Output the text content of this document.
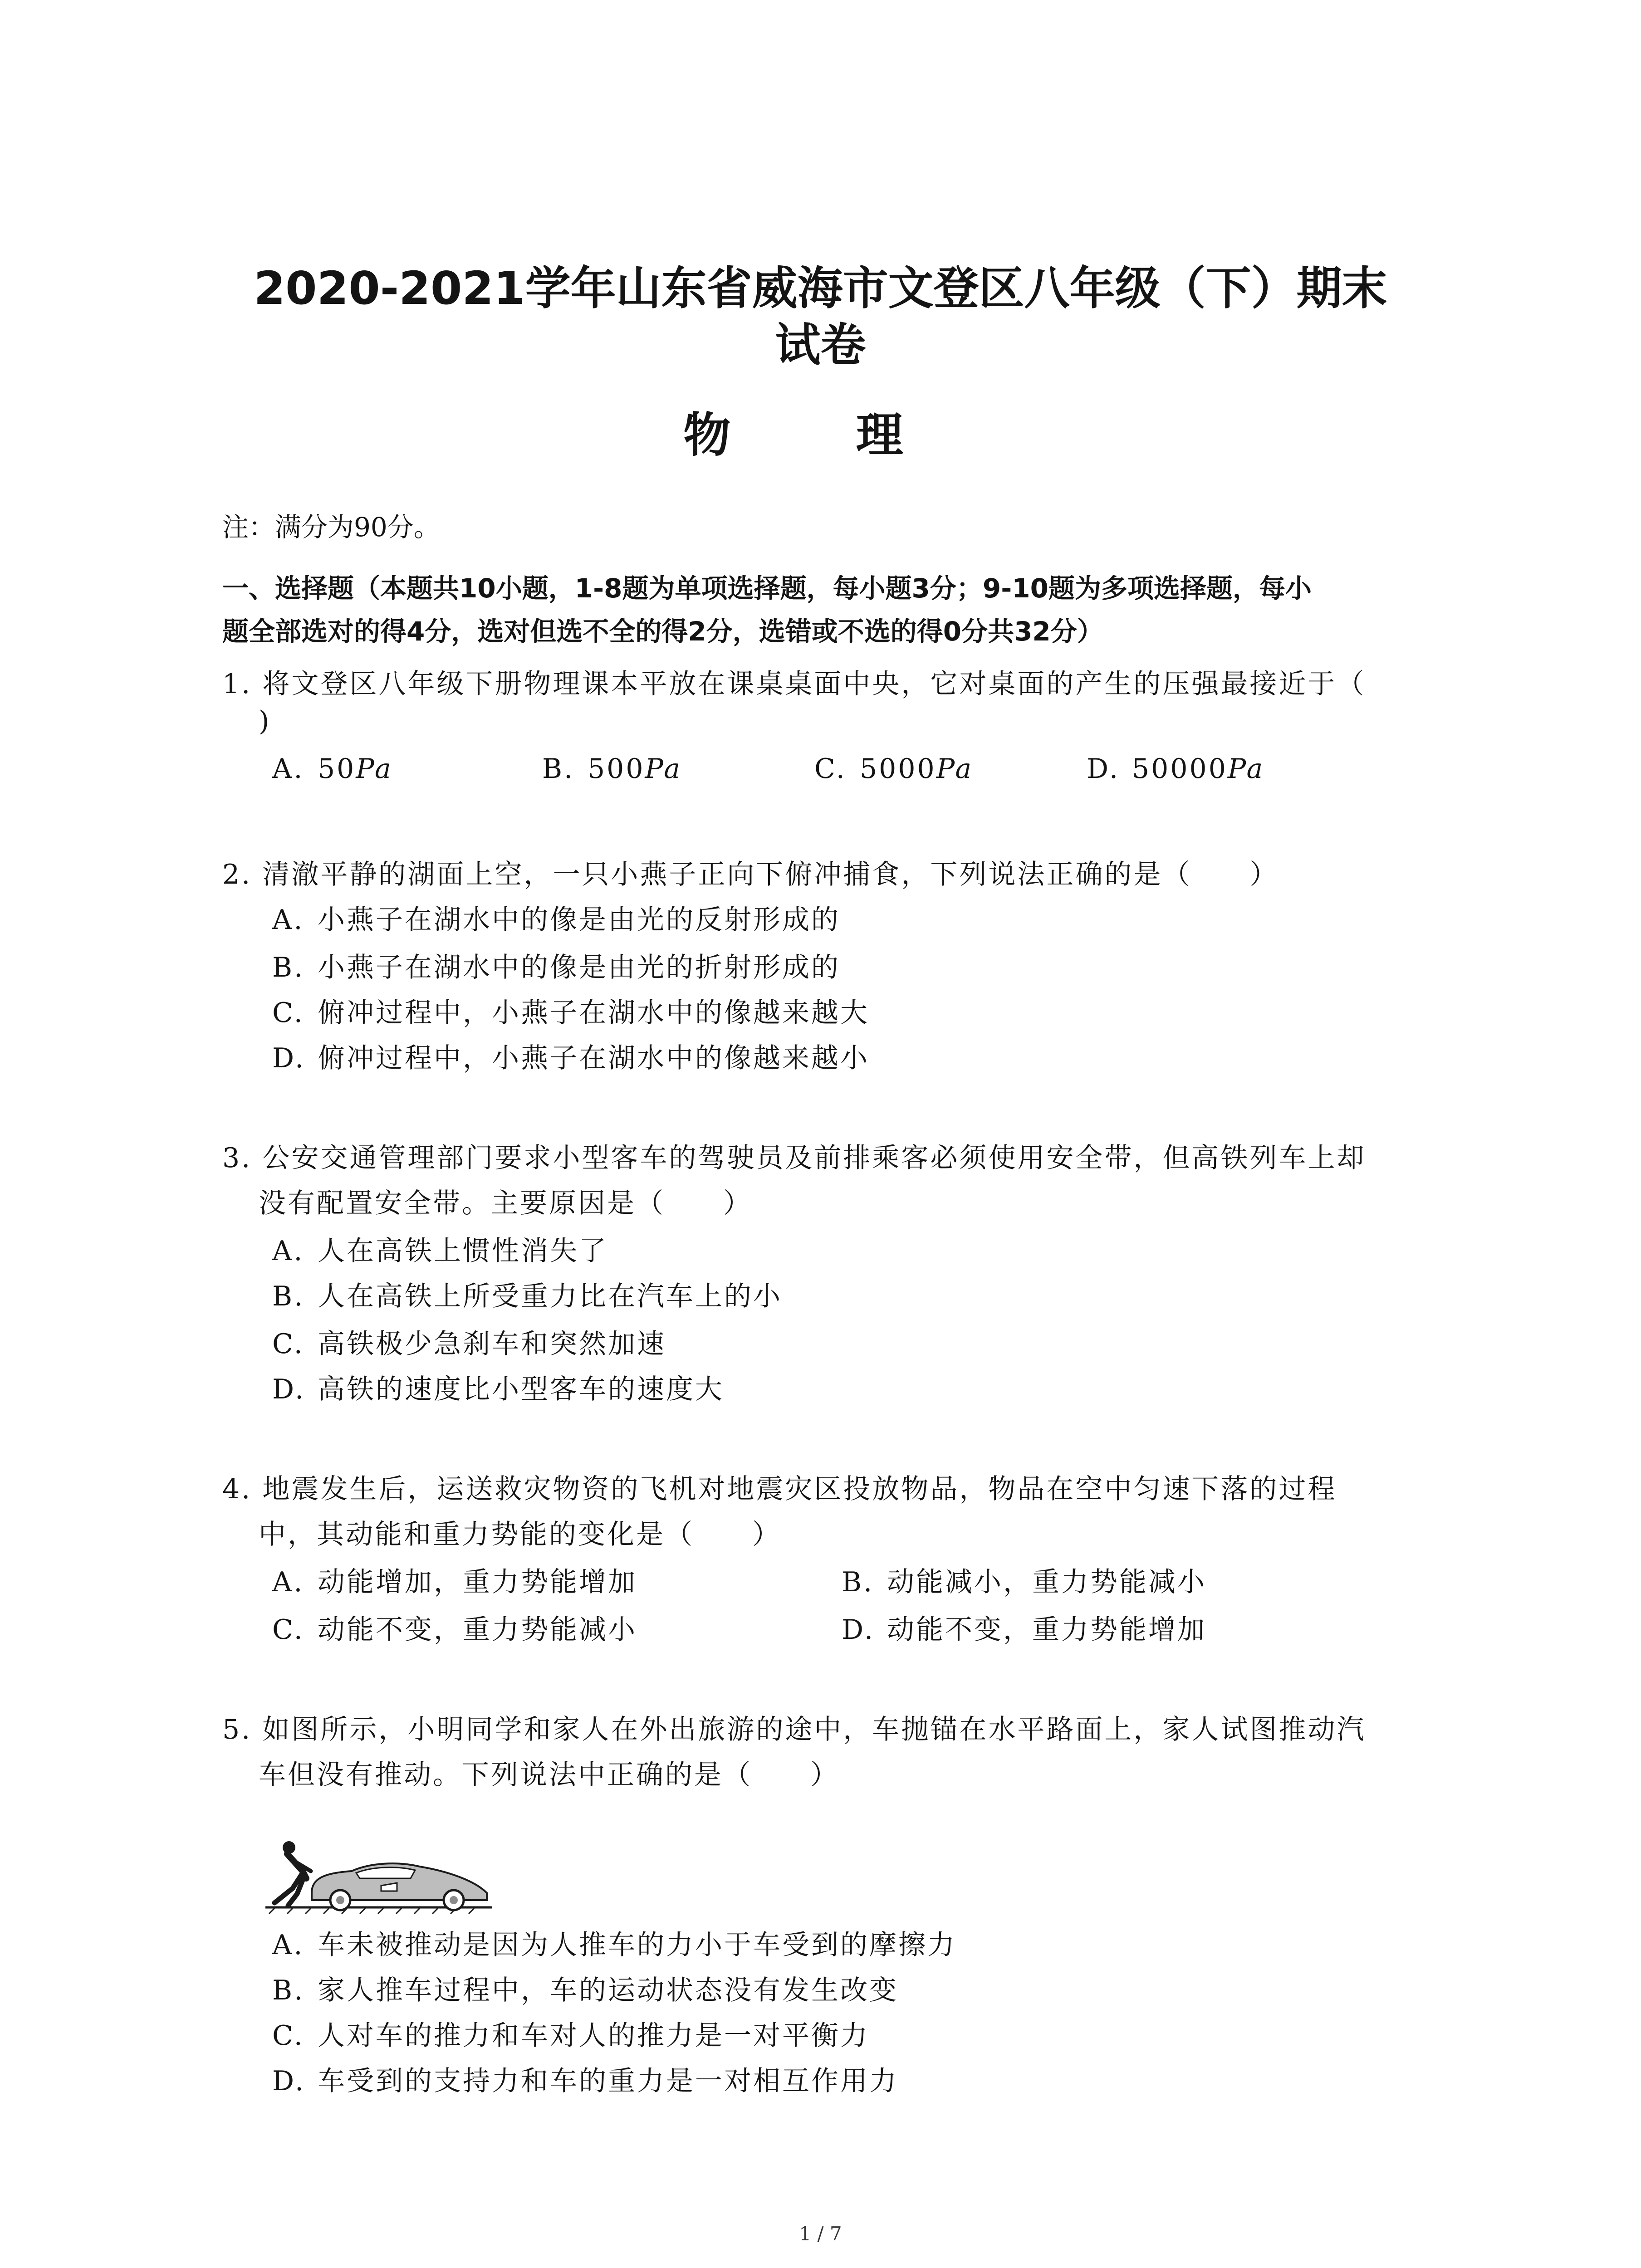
2020-2021学年山东省威海市文登区八年级（下）期末
试卷
物 理
注：满分为90分。
一、选择题（本题共10小题，1-8题为单项选择题，每小题3分；9-10题为多项选择题，每小
题全部选对的得4分，选对但选不全的得2分，选错或不选的得0分共32分）
1. 将文登区八年级下册物理课本平放在课桌桌面中央，它对桌面的产生的压强最接近于（
)
A. 50Pa	B. 500Pa	C. 5000Pa	D. 50000Pa
2. 清澈平静的湖面上空，一只小燕子正向下俯冲捕食，下列说法正确的是（　　）
A. 小燕子在湖水中的像是由光的反射形成的
B. 小燕子在湖水中的像是由光的折射形成的
C. 俯冲过程中，小燕子在湖水中的像越来越大
D. 俯冲过程中，小燕子在湖水中的像越来越小
3. 公安交通管理部门要求小型客车的驾驶员及前排乘客必须使用安全带，但高铁列车上却
没有配置安全带。主要原因是（　　）
A. 人在高铁上惯性消失了
B. 人在高铁上所受重力比在汽车上的小
C. 高铁极少急刹车和突然加速
D. 高铁的速度比小型客车的速度大
4. 地震发生后，运送救灾物资的飞机对地震灾区投放物品，物品在空中匀速下落的过程
中，其动能和重力势能的变化是（　　）
A. 动能增加，重力势能增加	B. 动能减小，重力势能减小
C. 动能不变，重力势能减小	D. 动能不变，重力势能增加
5. 如图所示，小明同学和家人在外出旅游的途中，车抛锚在水平路面上，家人试图推动汽
车但没有推动。下列说法中正确的是（　　）
A. 车未被推动是因为人推车的力小于车受到的摩擦力
B. 家人推车过程中，车的运动状态没有发生改变
C. 人对车的推力和车对人的推力是一对平衡力
D. 车受到的支持力和车的重力是一对相互作用力
1 / 7
